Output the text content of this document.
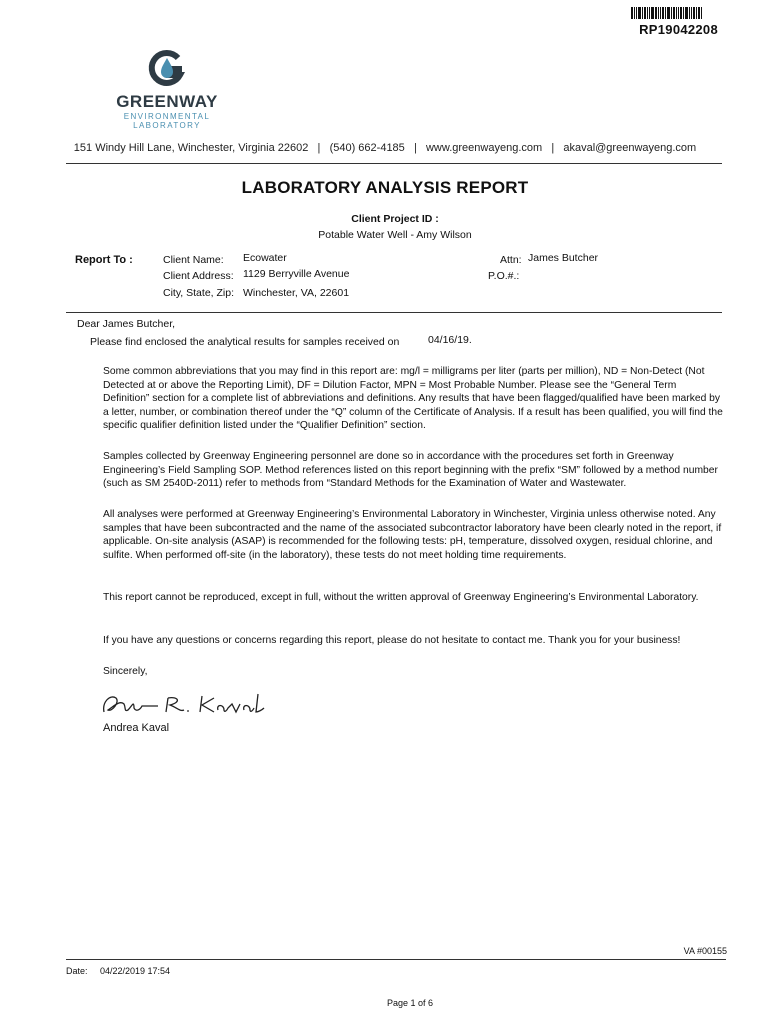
RP19042208
GREENWAY
ENVIRONMENTAL
LABORATORY
151 Windy Hill Lane, Winchester, Virginia 22602   |   (540) 662-4185   |   www.greenwayeng.com   |   akaval@greenwayeng.com
LABORATORY ANALYSIS REPORT
Client Project ID :
Potable Water Well - Amy Wilson
Report To :	Client Name: Ecowater
Client Address: 1129 Berryville Avenue
City, State, Zip: Winchester, VA, 22601
Attn: James Butcher
P.O.#.:
Dear James Butcher,
Please find enclosed the analytical results for samples received on	04/16/19.

Some common abbreviations that you may find in this report are: mg/l = milligrams per liter (parts per million), ND = Non-Detect (Not Detected at or above the Reporting Limit), DF = Dilution Factor, MPN = Most Probable Number. Please see the “General Term Definition” section for a complete list of abbreviations and definitions. Any results that have been flagged/qualified have been marked by a letter, number, or combination thereof under the “Q” column of the Certificate of Analysis. If a result has been qualified, you will find the specific qualifier definition listed under the “Qualifier Definition” section.

Samples collected by Greenway Engineering personnel are done so in accordance with the procedures set forth in Greenway Engineering’s Field Sampling SOP. Method references listed on this report beginning with the prefix “SM” followed by a method number (such as SM 2540D-2011) refer to methods from “Standard Methods for the Examination of Water and Wastewater.

All analyses were performed at Greenway Engineering’s Environmental Laboratory in Winchester, Virginia unless otherwise noted. Any samples that have been subcontracted and the name of the associated subcontractor laboratory have been clearly noted in the report, if applicable. On-site analysis (ASAP) is recommended for the following tests: pH, temperature, dissolved oxygen, residual chlorine, and sulfite. When performed off-site (in the laboratory), these tests do not meet holding time requirements.

This report cannot be reproduced, except in full, without the written approval of Greenway Engineering’s Environmental Laboratory.

If you have any questions or concerns regarding this report, please do not hesitate to contact me. Thank you for your business!

Sincerely,

Andrea Kaval
VA #00155
Date: 04/22/2019 17:54
Page 1 of 6
